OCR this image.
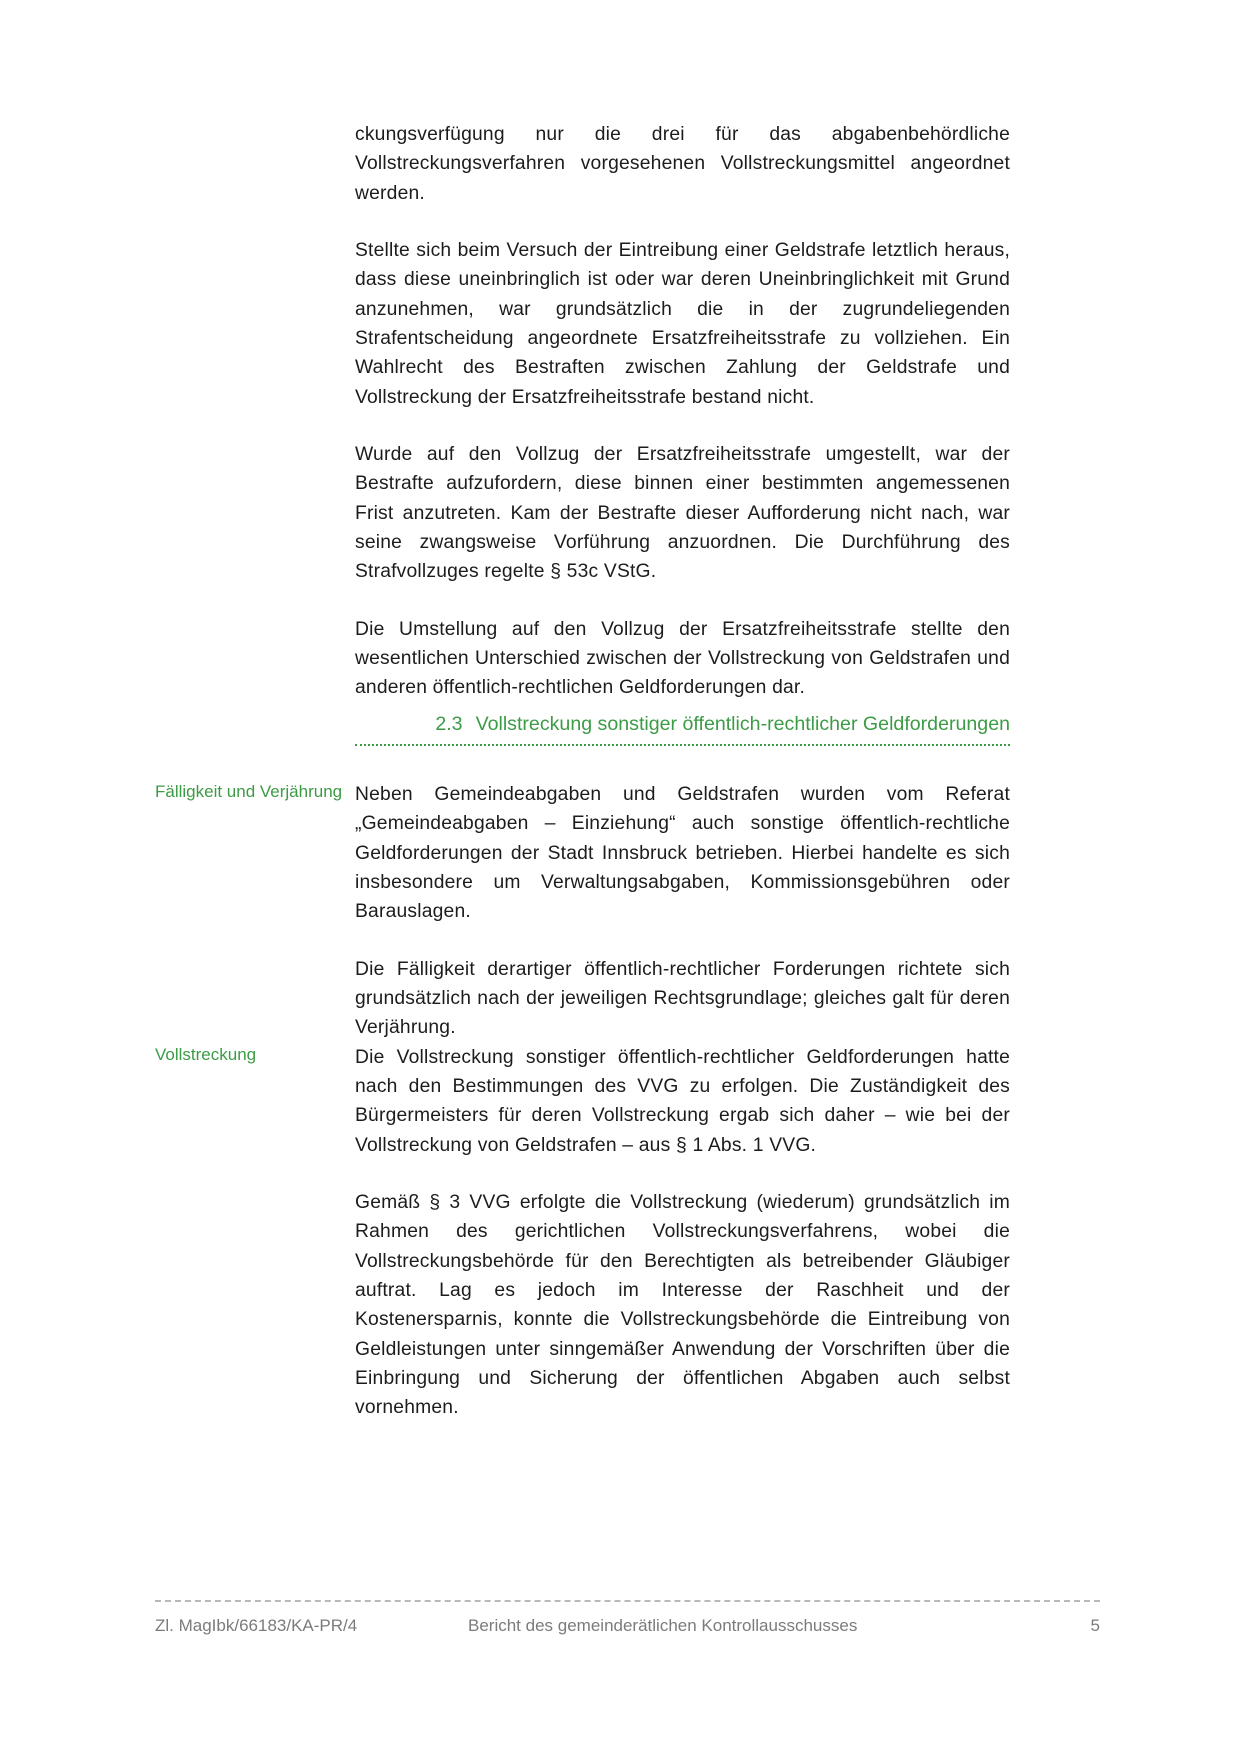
ckungsverfügung nur die drei für das abgabenbehördliche Vollstreckungsverfahren vorgesehenen Vollstreckungsmittel angeordnet werden.

Stellte sich beim Versuch der Eintreibung einer Geldstrafe letztlich heraus, dass diese uneinbringlich ist oder war deren Uneinbringlichkeit mit Grund anzunehmen, war grundsätzlich die in der zugrundeliegenden Strafentscheidung angeordnete Ersatzfreiheitsstrafe zu vollziehen. Ein Wahlrecht des Bestraften zwischen Zahlung der Geldstrafe und Vollstreckung der Ersatzfreiheitsstrafe bestand nicht.

Wurde auf den Vollzug der Ersatzfreiheitsstrafe umgestellt, war der Bestrafte aufzufordern, diese binnen einer bestimmten angemessenen Frist anzutreten. Kam der Bestrafte dieser Aufforderung nicht nach, war seine zwangsweise Vorführung anzuordnen. Die Durchführung des Strafvollzuges regelte § 53c VStG.

Die Umstellung auf den Vollzug der Ersatzfreiheitsstrafe stellte den wesentlichen Unterschied zwischen der Vollstreckung von Geldstrafen und anderen öffentlich-rechtlichen Geldforderungen dar.

2.3 Vollstreckung sonstiger öffentlich-rechtlicher Geldforderungen
Fälligkeit und Verjährung Neben Gemeindeabgaben und Geldstrafen wurden vom Referat „Gemeindeabgaben – Einziehung“ auch sonstige öffentlich-rechtliche Geldforderungen der Stadt Innsbruck betrieben. Hierbei handelte es sich insbesondere um Verwaltungsabgaben, Kommissionsgebühren oder Barauslagen.

Die Fälligkeit derartiger öffentlich-rechtlicher Forderungen richtete sich grundsätzlich nach der jeweiligen Rechtsgrundlage; gleiches galt für deren Verjährung.

Vollstreckung	Die Vollstreckung sonstiger öffentlich-rechtlicher Geldforderungen hatte nach den Bestimmungen des VVG zu erfolgen. Die Zuständigkeit des Bürgermeisters für deren Vollstreckung ergab sich daher – wie bei der Vollstreckung von Geldstrafen – aus § 1 Abs. 1 VVG.

Gemäß § 3 VVG erfolgte die Vollstreckung (wiederum) grundsätzlich im Rahmen des gerichtlichen Vollstreckungsverfahrens, wobei die Vollstreckungsbehörde für den Berechtigten als betreibender Gläubiger auftrat. Lag es jedoch im Interesse der Raschheit und der Kostenersparnis, konnte die Vollstreckungsbehörde die Eintreibung von Geldleistungen unter sinngemäßer Anwendung der Vorschriften über die Einbringung und Sicherung der öffentlichen Abgaben auch selbst vornehmen.

Zl. MagIbk/66183/KA-PR/4	Bericht des gemeinderätlichen Kontrollausschusses	5
